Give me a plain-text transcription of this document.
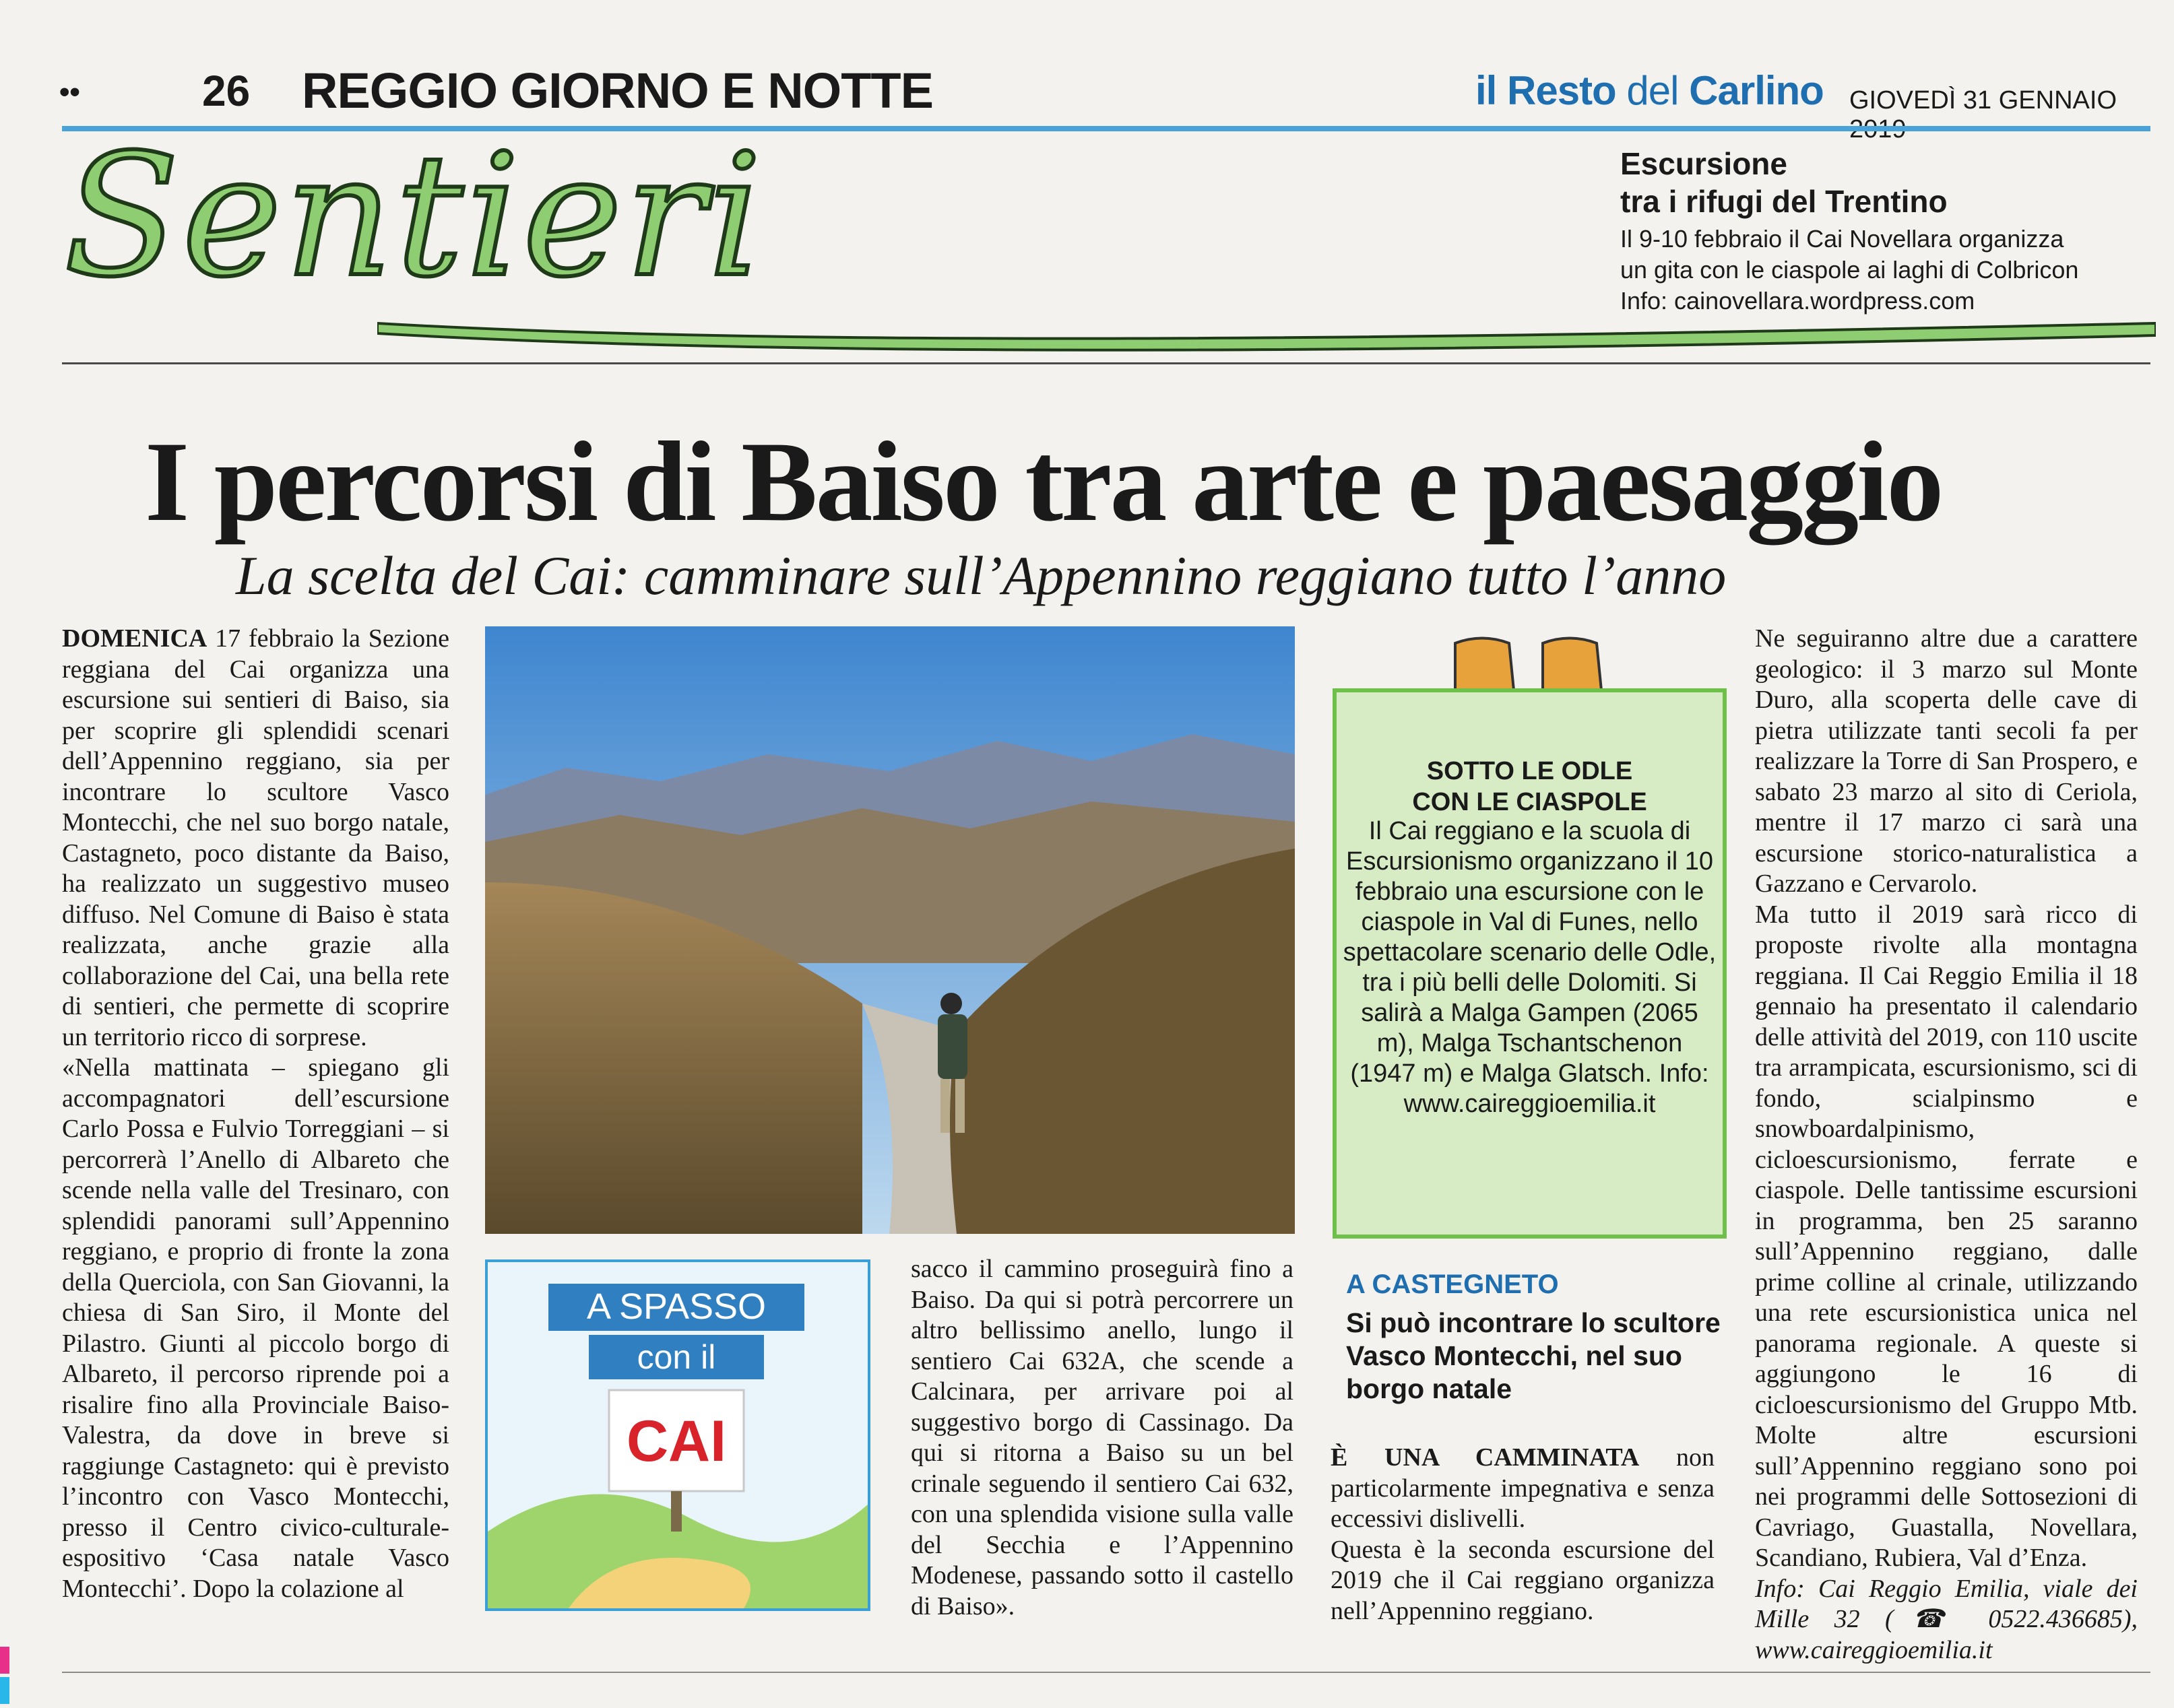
••	26 REGGIO GIORNO E NOTTE	il Resto del Carlino GIOVEDÌ 31 GENNAIO
Sentieri	Escursione
tra i rifugi del Trentino
Il 9-10 febbraio il Cai Novellara organizza
un gita con le ciaspole ai laghi di Colbricon
Info: cainovellara.wordpress.com
I percorsi di Baiso tra arte e paesaggio
La scelta del Cai: camminare sull’Appennino reggiano tutto l’anno

DOMENICA 17 febbraio la Sezione reggiana del Cai organizza una escursione sui sentieri di Baiso, sia per scoprire gli splendidi scenari dell’Appennino reggiano, sia per incontrare lo scultore Vasco Montecchi, che nel suo borgo natale, Castagneto, poco distante da Baiso, ha realizzato un suggestivo museo diffuso. Nel Comune di Baiso è stata realizzata, anche grazie alla collaborazione del Cai, una bella rete di sentieri, che permette di scoprire un territorio ricco di sorprese.

«Nella mattinata – spiegano gli accompagnatori dell’escursione Carlo Possa e Fulvio Torreggiani – si percorrerà l’Anello di Albareto che scende nella valle del Tresinaro, con splendidi panorami sull’Appennino reggiano, e proprio di fronte la zona della Querciola, con San Giovanni, la chiesa di San Siro, il Monte del Pilastro. Giunti al piccolo borgo di Albareto, il percorso riprende poi a risalire fino alla Provinciale Baiso-Valestra, da dove in breve si raggiunge Castagneto: qui è previsto l’incontro con Vasco Montecchi, presso il Centro civico-culturale-espositivo ‘Casa natale Vasco Montecchi’. Dopo la colazione al

A SPASSO
con il
CAI

sacco il cammino proseguirà fino a Baiso. Da qui si potrà percorrere un altro bellissimo anello, lungo il sentiero Cai 632A, che scende a Calcinara, per arrivare poi al suggestivo borgo di Cassinago. Da qui si ritorna a Baiso su un bel crinale seguendo il sentiero Cai 632, con una splendida visione sulla valle del Secchia e l’Appennino Modenese, passando sotto il castello di Baiso».

SOTTO LE ODLE
CON LE CIASPOLE
Il Cai reggiano e la scuola di Escursionismo organizzano il 10 febbraio una escursione con le ciaspole in Val di Funes, nello spettacolare scenario delle Odle, tra i più belli delle Dolomiti. Si salirà a Malga Gampen (2065 m), Malga Tschantschenon (1947 m) e Malga Glatsch. Info: www.caireggioemilia.it
A CASTEGNETO
Si può incontrare lo scultore Vasco Montecchi, nel suo borgo natale

È UNA CAMMINATA non particolarmente impegnativa e senza eccessivi dislivelli.

Questa è la seconda escursione del 2019 che il Cai reggiano organizza nell’Appennino reggiano.

Ne seguiranno altre due a carattere geologico: il 3 marzo sul Monte Duro, alla scoperta delle cave di pietra utilizzate tanti secoli fa per realizzare la Torre di San Prospero, e sabato 23 marzo al sito di Ceriola, mentre il 17 marzo ci sarà una escursione storico-naturalistica a Gazzano e Cervarolo.

Ma tutto il 2019 sarà ricco di proposte rivolte alla montagna reggiana. Il Cai Reggio Emilia il 18 gennaio ha presentato il calendario delle attività del 2019, con 110 uscite tra arrampicata, escursionismo, sci di fondo, scialpinsmo e snowboardalpinismo, cicloescursionismo, ferrate e ciaspole. Delle tantissime escursioni in programma, ben 25 saranno sull’Appennino reggiano, dalle prime colline al crinale, utilizzando una rete escursionistica unica nel panorama regionale. A queste si aggiungono le 16 di cicloescursionismo del Gruppo Mtb. Molte altre escursioni sull’Appennino reggiano sono poi nei programmi delle Sottosezioni di Cavriago, Guastalla, Novellara, Scandiano, Rubiera, Val d’Enza.

Info: Cai Reggio Emilia, viale dei Mille 32 (☎ 0522.436685), www.caireggioemilia.it
